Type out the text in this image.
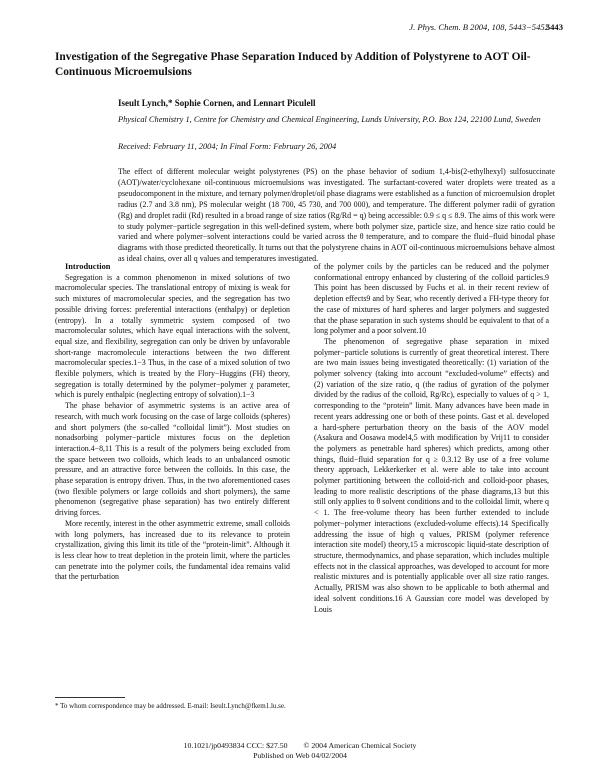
J. Phys. Chem. B 2004, 108, 5443−5452
5443
Investigation of the Segregative Phase Separation Induced by Addition of Polystyrene to AOT Oil-Continuous Microemulsions
Iseult Lynch,* Sophie Cornen, and Lennart Piculell
Physical Chemistry 1, Centre for Chemistry and Chemical Engineering, Lunds University, P.O. Box 124, 22100 Lund, Sweden
Received: February 11, 2004; In Final Form: February 26, 2004

The effect of different molecular weight polystyrenes (PS) on the phase behavior of sodium 1,4-bis(2-ethylhexyl) sulfosuccinate (AOT)/water/cyclohexane oil-continuous microemulsions was investigated. The surfactant-covered water droplets were treated as a pseudocomponent in the mixture, and ternary polymer/droplet/oil phase diagrams were established as a function of microemulsion droplet radius (2.7 and 3.8 nm), PS molecular weight (18 700, 45 730, and 700 000), and temperature. The different polymer radii of gyration (Rg) and droplet radii (Rd) resulted in a broad range of size ratios (Rg/Rd = q) being accessible: 0.9 ≤ q ≤ 8.9. The aims of this work were to study polymer−particle segregation in this well-defined system, where both polymer size, particle size, and hence size ratio could be varied and where polymer−solvent interactions could be varied across the θ temperature, and to compare the fluid−fluid binodal phase diagrams with those predicted theoretically. It turns out that the polystyrene chains in AOT oil-continuous microemulsions behave almost as ideal chains, over all q values and temperatures investigated.

Introduction

Segregation is a common phenomenon in mixed solutions of two macromolecular species. The translational entropy of mixing is weak for such mixtures of macromolecular species, and the segregation has two possible driving forces: preferential interactions (enthalpy) or depletion (entropy). In a totally symmetric system composed of two macromolecular solutes, which have equal interactions with the solvent, equal size, and flexibility, segregation can only be driven by unfavorable short-range macromolecule interactions between the two different macromolecular species.1−3 Thus, in the case of a mixed solution of two flexible polymers, which is treated by the Flory−Huggins (FH) theory, segregation is totally determined by the polymer−polymer χ parameter, which is purely enthalpic (neglecting entropy of solvation).1−3

The phase behavior of asymmetric systems is an active area of research, with much work focusing on the case of large colloids (spheres) and short polymers (the so-called “colloidal limit”). Most studies on nonadsorbing polymer−particle mixtures focus on the depletion interaction.4−8,11 This is a result of the polymers being excluded from the space between two colloids, which leads to an unbalanced osmotic pressure, and an attractive force between the colloids. In this case, the phase separation is entropy driven. Thus, in the two aforementioned cases (two flexible polymers or large colloids and short polymers), the same phenomenon (segregative phase separation) has two entirely different driving forces.

More recently, interest in the other asymmetric extreme, small colloids with long polymers, has increased due to its relevance to protein crystallization, giving this limit its title of the “protein-limit”. Although it is less clear how to treat depletion in the protein limit, where the particles can penetrate into the polymer coils, the fundamental idea remains valid that the perturbation

of the polymer coils by the particles can be reduced and the polymer conformational entropy enhanced by clustering of the colloid particles.9 This point has been discussed by Fuchs et al. in their recent review of depletion effects9 and by Sear, who recently derived a FH-type theory for the case of mixtures of hard spheres and larger polymers and suggested that the phase separation in such systems should be equivalent to that of a long polymer and a poor solvent.10

The phenomenon of segregative phase separation in mixed polymer−particle solutions is currently of great theoretical interest. There are two main issues being investigated theoretically: (1) variation of the polymer solvency (taking into account “excluded-volume” effects) and (2) variation of the size ratio, q (the radius of gyration of the polymer divided by the radius of the colloid, Rg/Rc), especially to values of q > 1, corresponding to the “protein” limit. Many advances have been made in recent years addressing one or both of these points. Gast et al. developed a hard-sphere perturbation theory on the basis of the AOV model (Asakura and Oosawa model4,5 with modification by Vrij11 to consider the polymers as penetrable hard spheres) which predicts, among other things, fluid−fluid separation for q ≥ 0.3.12 By use of a free volume theory approach, Lekkerkerker et al. were able to take into account polymer partitioning between the colloid-rich and colloid-poor phases, leading to more realistic descriptions of the phase diagrams,13 but this still only applies to θ solvent conditions and to the colloidal limit, where q < 1. The free-volume theory has been further extended to include polymer−polymer interactions (excluded-volume effects).14 Specifically addressing the issue of high q values, PRISM (polymer reference interaction site model) theory,15 a microscopic liquid-state description of structure, thermodynamics, and phase separation, which includes multiple effects not in the classical approaches, was developed to account for more realistic mixtures and is potentially applicable over all size ratio ranges. Actually, PRISM was also shown to be applicable to both athermal and ideal solvent conditions.16 A Gaussian core model was developed by Louis

* To whom correspondence may be addressed. E-mail: Iseult.Lynch@fkem1.lu.se.
10.1021/jp0493834 CCC: $27.50 © 2004 American Chemical Society
Published on Web 04/02/2004
